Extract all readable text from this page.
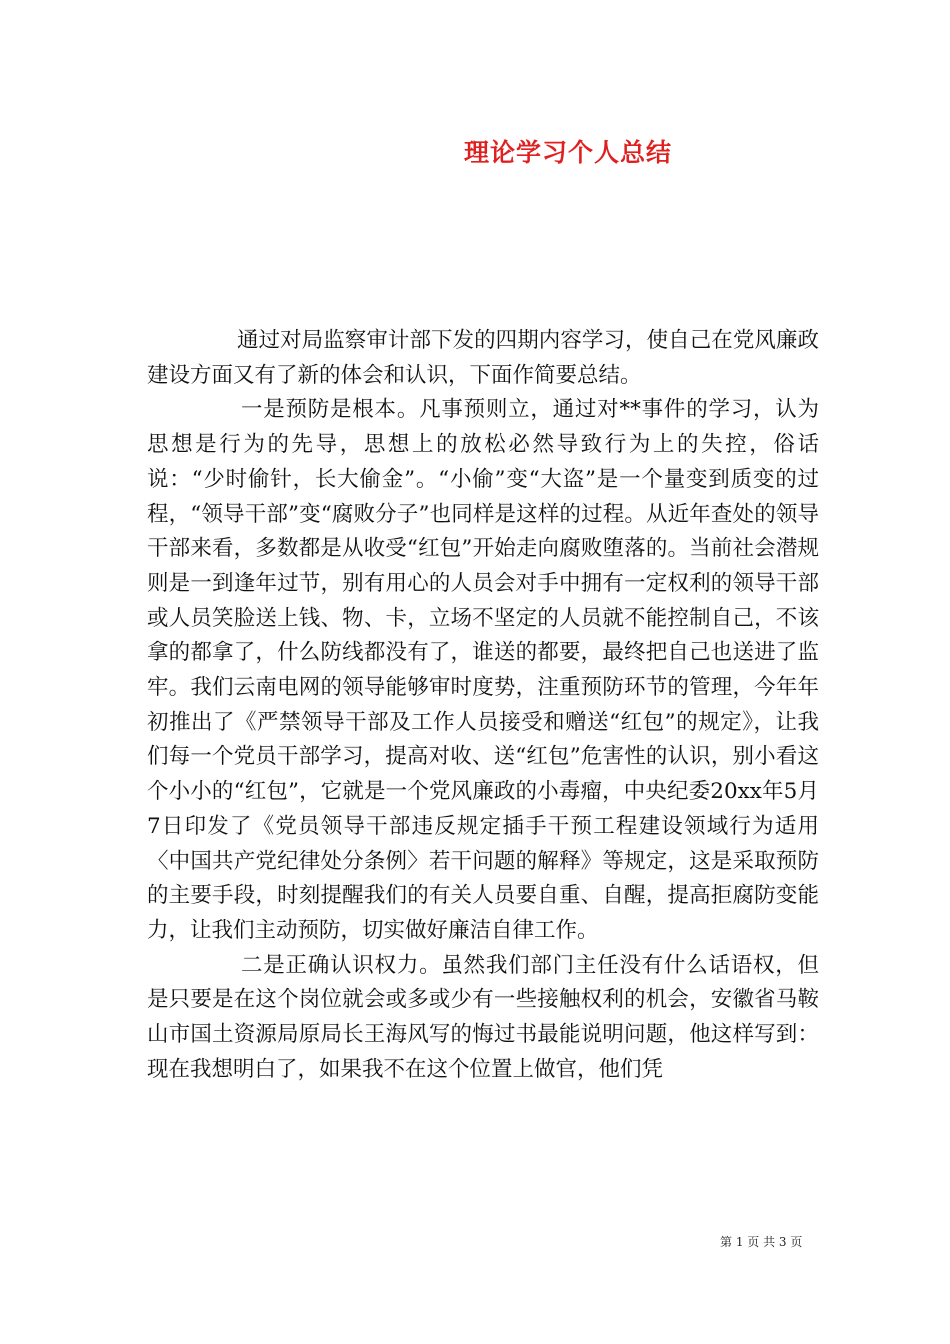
理论学习个人总结

通过对局监察审计部下发的四期内容学习，使自己在党风廉政建设方面又有了新的体会和认识，下面作简要总结。

一是预防是根本。凡事预则立，通过对**事件的学习，认为思想是行为的先导，思想上的放松必然导致行为上的失控，俗话说：“少时偷针，长大偷金”。“小偷”变“大盗”是一个量变到质变的过程，“领导干部”变“腐败分子”也同样是这样的过程。从近年查处的领导干部来看，多数都是从收受“红包”开始走向腐败堕落的。当前社会潜规则是一到逢年过节，别有用心的人员会对手中拥有一定权利的领导干部或人员笑脸送上钱、物、卡，立场不坚定的人员就不能控制自己，不该拿的都拿了，什么防线都没有了，谁送的都要，最终把自己也送进了监牢。我们云南电网的领导能够审时度势，注重预防环节的管理，今年年初推出了《严禁领导干部及工作人员接受和赠送“红包”的规定》，让我们每一个党员干部学习，提高对收、送“红包”危害性的认识，别小看这个小小的“红包”，它就是一个党风廉政的小毒瘤，中央纪委20xx年5月7日印发了《党员领导干部违反规定插手干预工程建设领域行为适用〈中国共产党纪律处分条例〉若干问题的解释》等规定，这是采取预防的主要手段，时刻提醒我们的有关人员要自重、自醒，提高拒腐防变能力，让我们主动预防，切实做好廉洁自律工作。

二是正确认识权力。虽然我们部门主任没有什么话语权，但是只要是在这个岗位就会或多或少有一些接触权利的机会，安徽省马鞍山市国土资源局原局长王海风写的悔过书最能说明问题，他这样写到：现在我想明白了，如果我不在这个位置上做官，他们凭

第 1 页 共 3 页
